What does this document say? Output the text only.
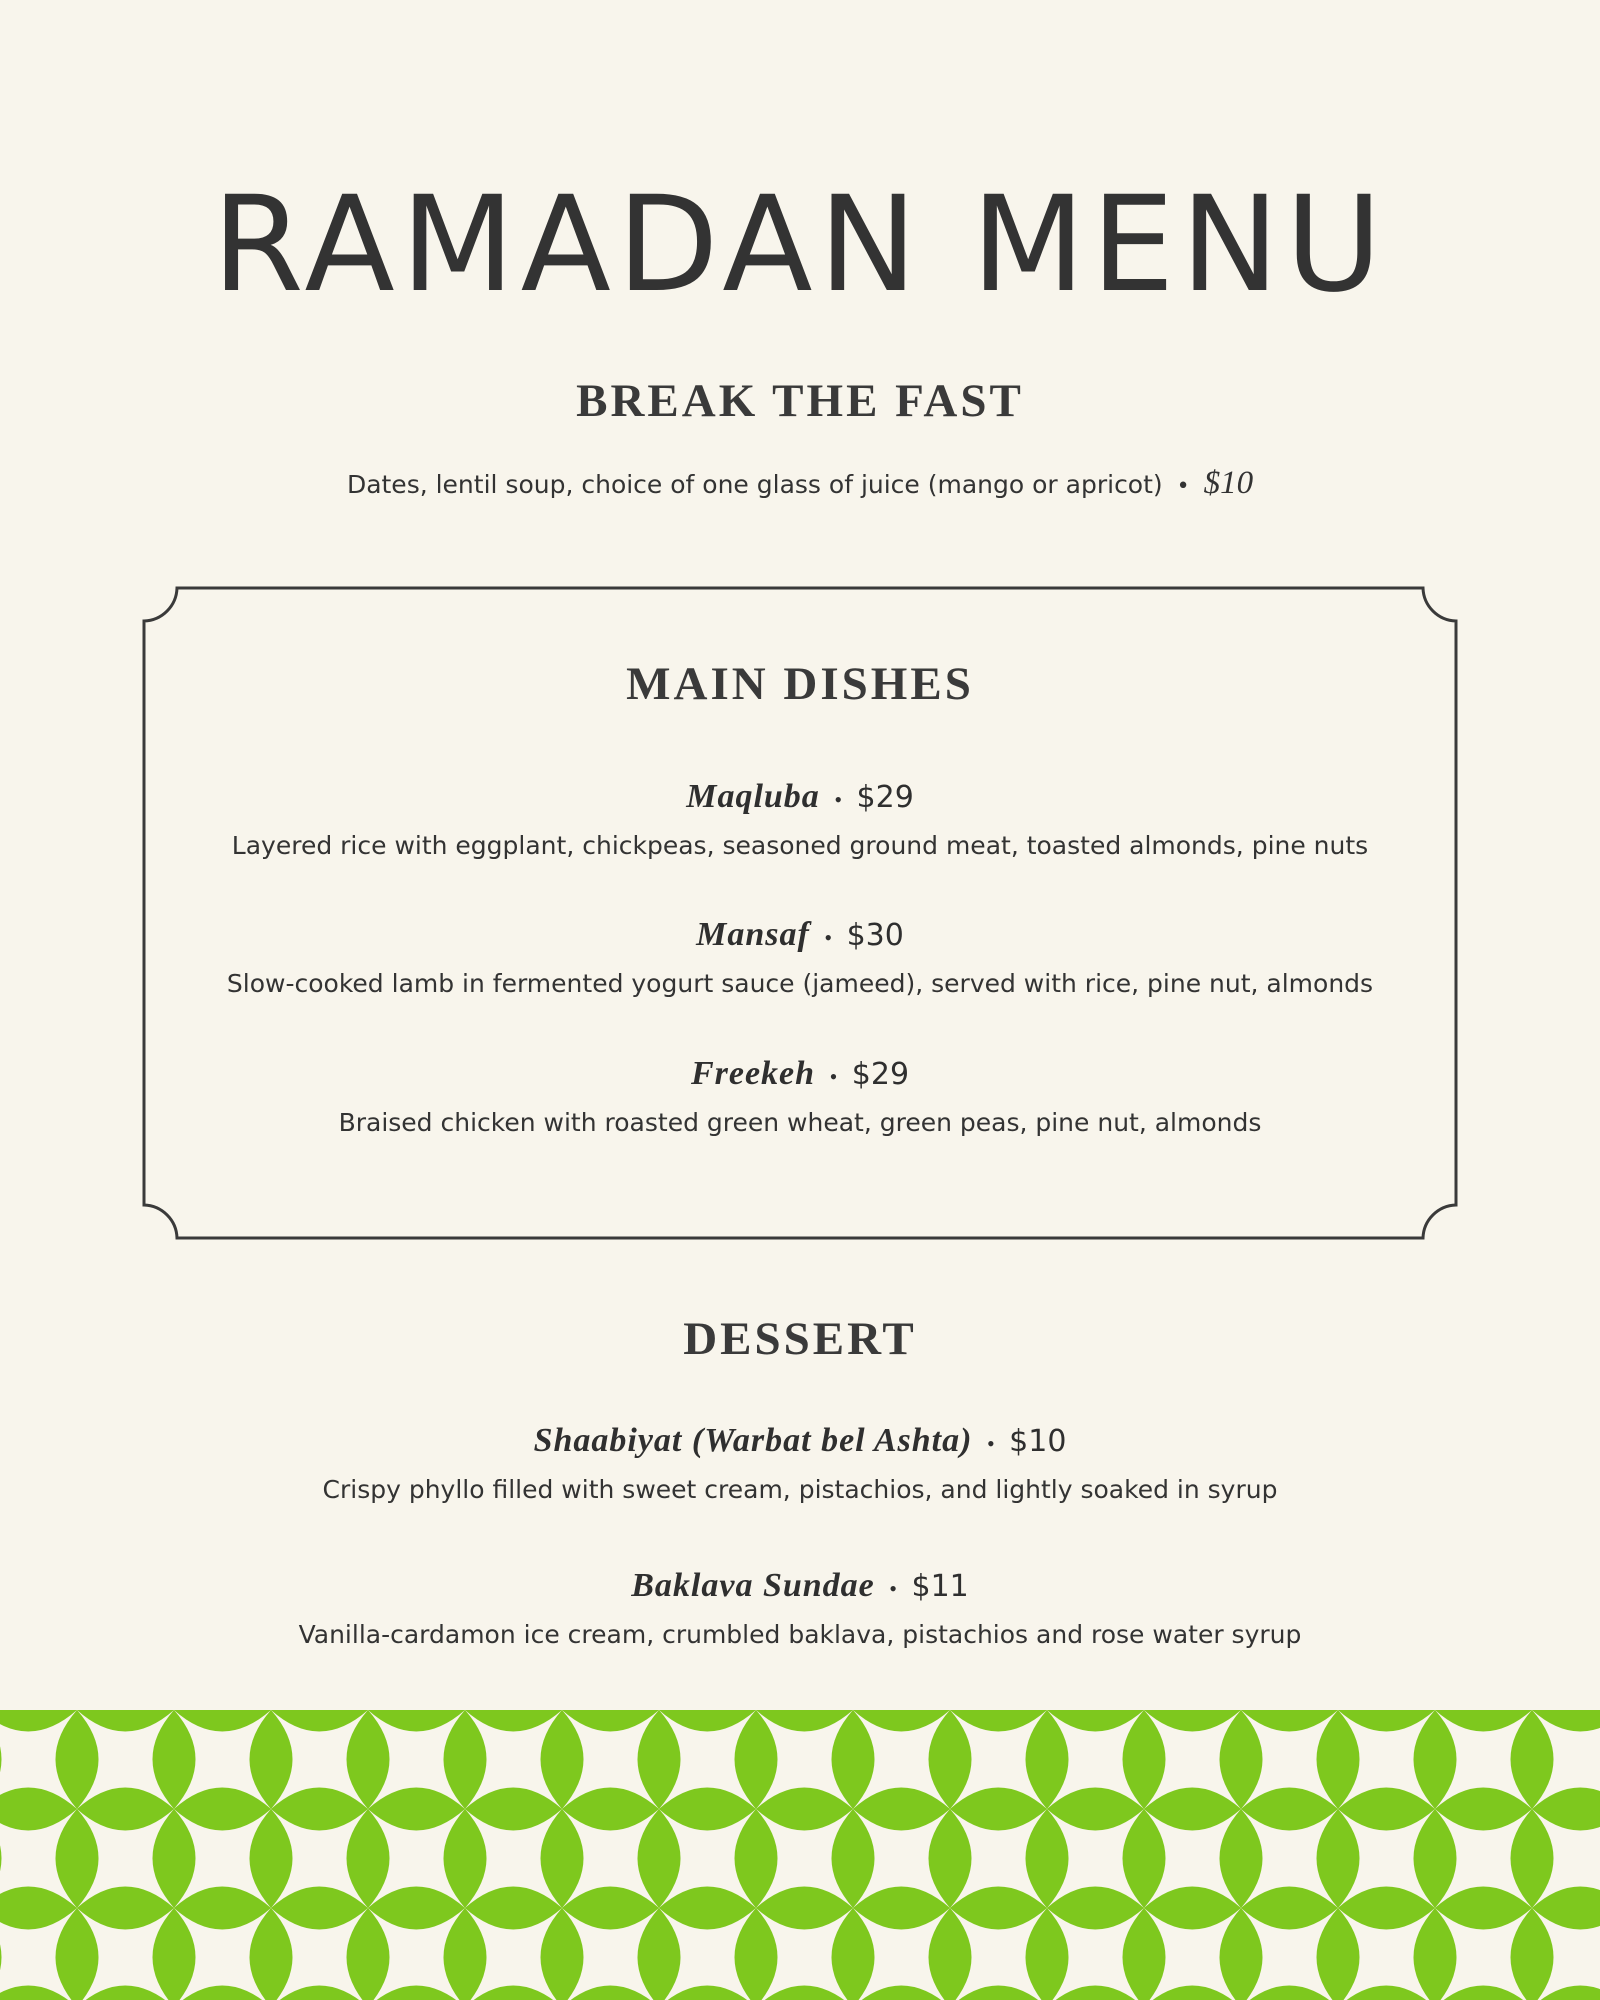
RAMADAN MENU
BREAK THE FAST

Dates, lentil soup, choice of one glass of juice (mango or apricot) • $10

MAIN DISHES
Maqluba • $29

Layered rice with eggplant, chickpeas, seasoned ground meat, toasted almonds, pine nuts

Mansaf • $30

Slow-cooked lamb in fermented yogurt sauce (jameed), served with rice, pine nut, almonds

Freekeh • $29

Braised chicken with roasted green wheat, green peas, pine nut, almonds

DESSERT
Shaabiyat (Warbat bel Ashta) • $10

Crispy phyllo filled with sweet cream, pistachios, and lightly soaked in syrup

Baklava Sundae • $11

Vanilla-cardamon ice cream, crumbled baklava, pistachios and rose water syrup
